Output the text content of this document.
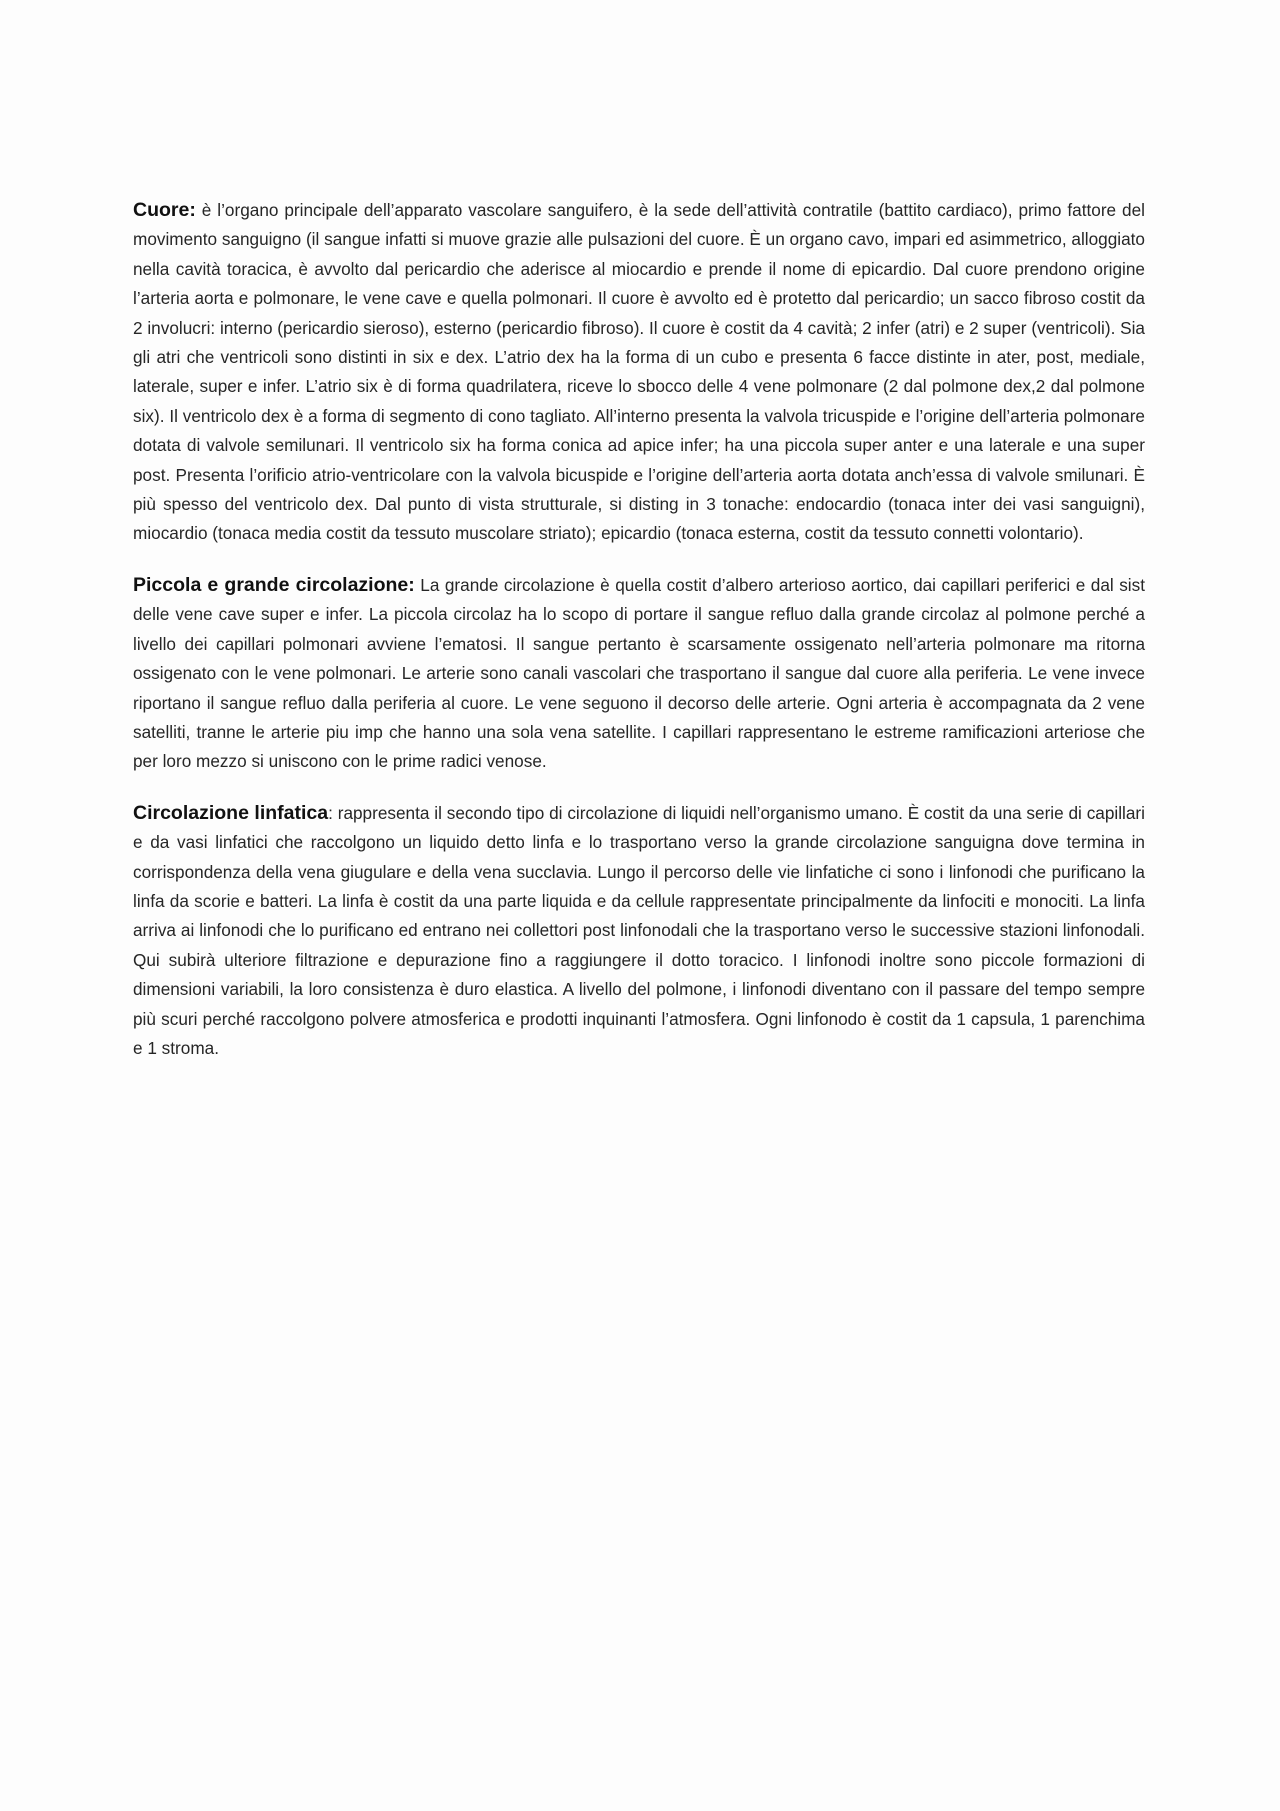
Cuore: è l’organo principale dell’apparato vascolare sanguifero, è la sede dell’attività contratile (battito cardiaco), primo fattore del movimento sanguigno (il sangue infatti si muove grazie alle pulsazioni del cuore. È un organo cavo, impari ed asimmetrico, alloggiato nella cavità toracica, è avvolto dal pericardio che aderisce al miocardio e prende il nome di epicardio. Dal cuore prendono origine l’arteria aorta e polmonare, le vene cave e quella polmonari. Il cuore è avvolto ed è protetto dal pericardio; un sacco fibroso costit da 2 involucri: interno (pericardio sieroso), esterno (pericardio fibroso). Il cuore è costit da 4 cavità; 2 infer (atri) e 2 super (ventricoli). Sia gli atri che ventricoli sono distinti in six e dex. L’atrio dex ha la forma di un cubo e presenta 6 facce distinte in ater, post, mediale, laterale, super e infer. L’atrio six è di forma quadrilatera, riceve lo sbocco delle 4 vene polmonare (2 dal polmone dex,2 dal polmone six). Il ventricolo dex è a forma di segmento di cono tagliato. All’interno presenta la valvola tricuspide e l’origine dell’arteria polmonare dotata di valvole semilunari. Il ventricolo six ha forma conica ad apice infer; ha una piccola super anter e una laterale e una super post. Presenta l’orificio atrio-ventricolare con la valvola bicuspide e l’origine dell’arteria aorta dotata anch’essa di valvole smilunari. È più spesso del ventricolo dex. Dal punto di vista strutturale, si disting in 3 tonache: endocardio (tonaca inter dei vasi sanguigni), miocardio (tonaca media costit da tessuto muscolare striato); epicardio (tonaca esterna, costit da tessuto connetti volontario).

Piccola e grande circolazione: La grande circolazione è quella costit d’albero arterioso aortico, dai capillari periferici e dal sist delle vene cave super e infer. La piccola circolaz ha lo scopo di portare il sangue refluo dalla grande circolaz al polmone perché a livello dei capillari polmonari avviene l’ematosi. Il sangue pertanto è scarsamente ossigenato nell’arteria polmonare ma ritorna ossigenato con le vene polmonari. Le arterie sono canali vascolari che trasportano il sangue dal cuore alla periferia. Le vene invece riportano il sangue refluo dalla periferia al cuore. Le vene seguono il decorso delle arterie. Ogni arteria è accompagnata da 2 vene satelliti, tranne le arterie piu imp che hanno una sola vena satellite. I capillari rappresentano le estreme ramificazioni arteriose che per loro mezzo si uniscono con le prime radici venose.

Circolazione linfatica: rappresenta il secondo tipo di circolazione di liquidi nell’organismo umano. È costit da una serie di capillari e da vasi linfatici che raccolgono un liquido detto linfa e lo trasportano verso la grande circolazione sanguigna dove termina in corrispondenza della vena giugulare e della vena succlavia. Lungo il percorso delle vie linfatiche ci sono i linfonodi che purificano la linfa da scorie e batteri. La linfa è costit da una parte liquida e da cellule rappresentate principalmente da linfociti e monociti. La linfa arriva ai linfonodi che lo purificano ed entrano nei collettori post linfonodali che la trasportano verso le successive stazioni linfonodali. Qui subirà ulteriore filtrazione e depurazione fino a raggiungere il dotto toracico. I linfonodi inoltre sono piccole formazioni di dimensioni variabili, la loro consistenza è duro elastica. A livello del polmone, i linfonodi diventano con il passare del tempo sempre più scuri perché raccolgono polvere atmosferica e prodotti inquinanti l’atmosfera. Ogni linfonodo è costit da 1 capsula, 1 parenchima e 1 stroma.
